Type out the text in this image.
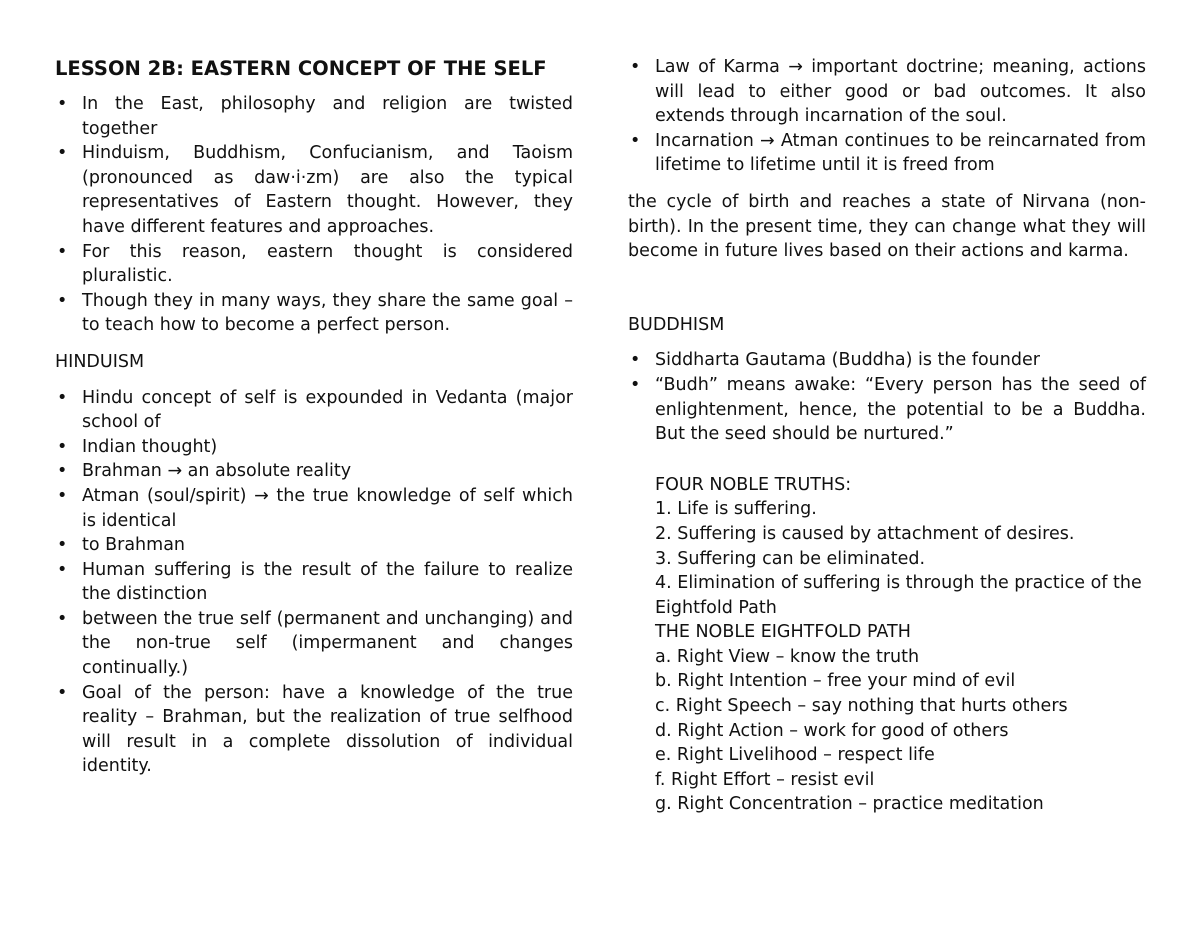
LESSON 2B: EASTERN CONCEPT OF THE SELF
• In the East, philosophy and religion are twisted together
• Hinduism, Buddhism, Confucianism, and Taoism (pronounced as daw·i·zm) are also the typical representatives of Eastern thought. However, they have different features and approaches.
• For this reason, eastern thought is considered pluralistic.
• Though they in many ways, they share the same goal – to teach how to become a perfect person.
HINDUISM
• Hindu concept of self is expounded in Vedanta (major school of
• Indian thought)
• Brahman → an absolute reality
• Atman (soul/spirit) → the true knowledge of self which is identical
• to Brahman
• Human suffering is the result of the failure to realize the distinction
• between the true self (permanent and unchanging) and the non-true self (impermanent and changes continually.)
• Goal of the person: have a knowledge of the true reality – Brahman, but the realization of true selfhood will result in a complete dissolution of individual identity.
• Law of Karma → important doctrine; meaning, actions will lead to either good or bad outcomes. It also extends through incarnation of the soul.
• Incarnation → Atman continues to be reincarnated from lifetime to lifetime until it is freed from

the cycle of birth and reaches a state of Nirvana (non-birth). In the present time, they can change what they will become in future lives based on their actions and karma.

BUDDHISM
• Siddharta Gautama (Buddha) is the founder
• “Budh” means awake: “Every person has the seed of enlightenment, hence, the potential to be a Buddha. But the seed should be nurtured.”
FOUR NOBLE TRUTHS:
1. Life is suffering.
2. Suffering is caused by attachment of desires.
3. Suffering can be eliminated.
4. Elimination of suffering is through the practice of the Eightfold Path
THE NOBLE EIGHTFOLD PATH
a. Right View – know the truth
b. Right Intention – free your mind of evil
c. Right Speech – say nothing that hurts others
d. Right Action – work for good of others
e. Right Livelihood – respect life
f. Right Effort – resist evil
g. Right Concentration – practice meditation
